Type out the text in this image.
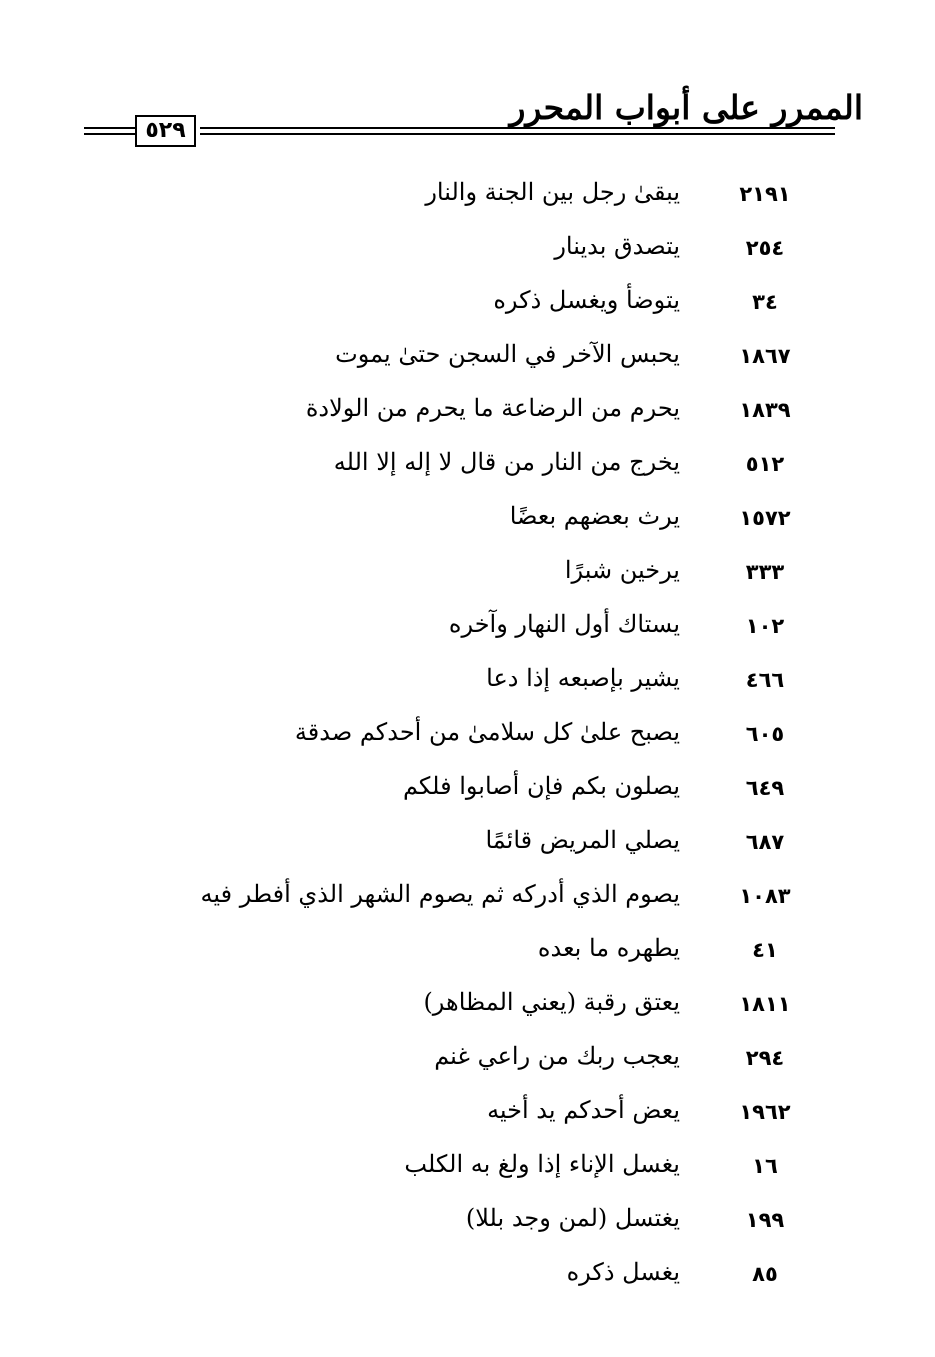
الممرر على أبواب المحرر
٥٢٩
٢١٩١
يبقىٰ رجل بين الجنة والنار
٢٥٤
يتصدق بدينار
٣٤
يتوضأ ويغسل ذكره
١٨٦٧
يحبس الآخر في السجن حتىٰ يموت
١٨٣٩
يحرم من الرضاعة ما يحرم من الولادة
٥١٢
يخرج من النار من قال لا إله إلا الله
١٥٧٢
يرث بعضهم بعضًا
٣٣٣
يرخين شبرًا
١٠٢
يستاك أول النهار وآخره
٤٦٦
يشير بإصبعه إذا دعا
٦٠٥
يصبح علىٰ كل سلامىٰ من أحدكم صدقة
٦٤٩
يصلون بكم فإن أصابوا فلكم
٦٨٧
يصلي المريض قائمًا
١٠٨٣
يصوم الذي أدركه ثم يصوم الشهر الذي أفطر فيه
٤١
يطهره ما بعده
١٨١١
يعتق رقبة (يعني المظاهر)
٢٩٤
يعجب ربك من راعي غنم
١٩٦٢
يعض أحدكم يد أخيه
١٦
يغسل الإناء إذا ولغ به الكلب
١٩٩
يغتسل (لمن وجد بللا)
٨٥
يغسل ذكره
